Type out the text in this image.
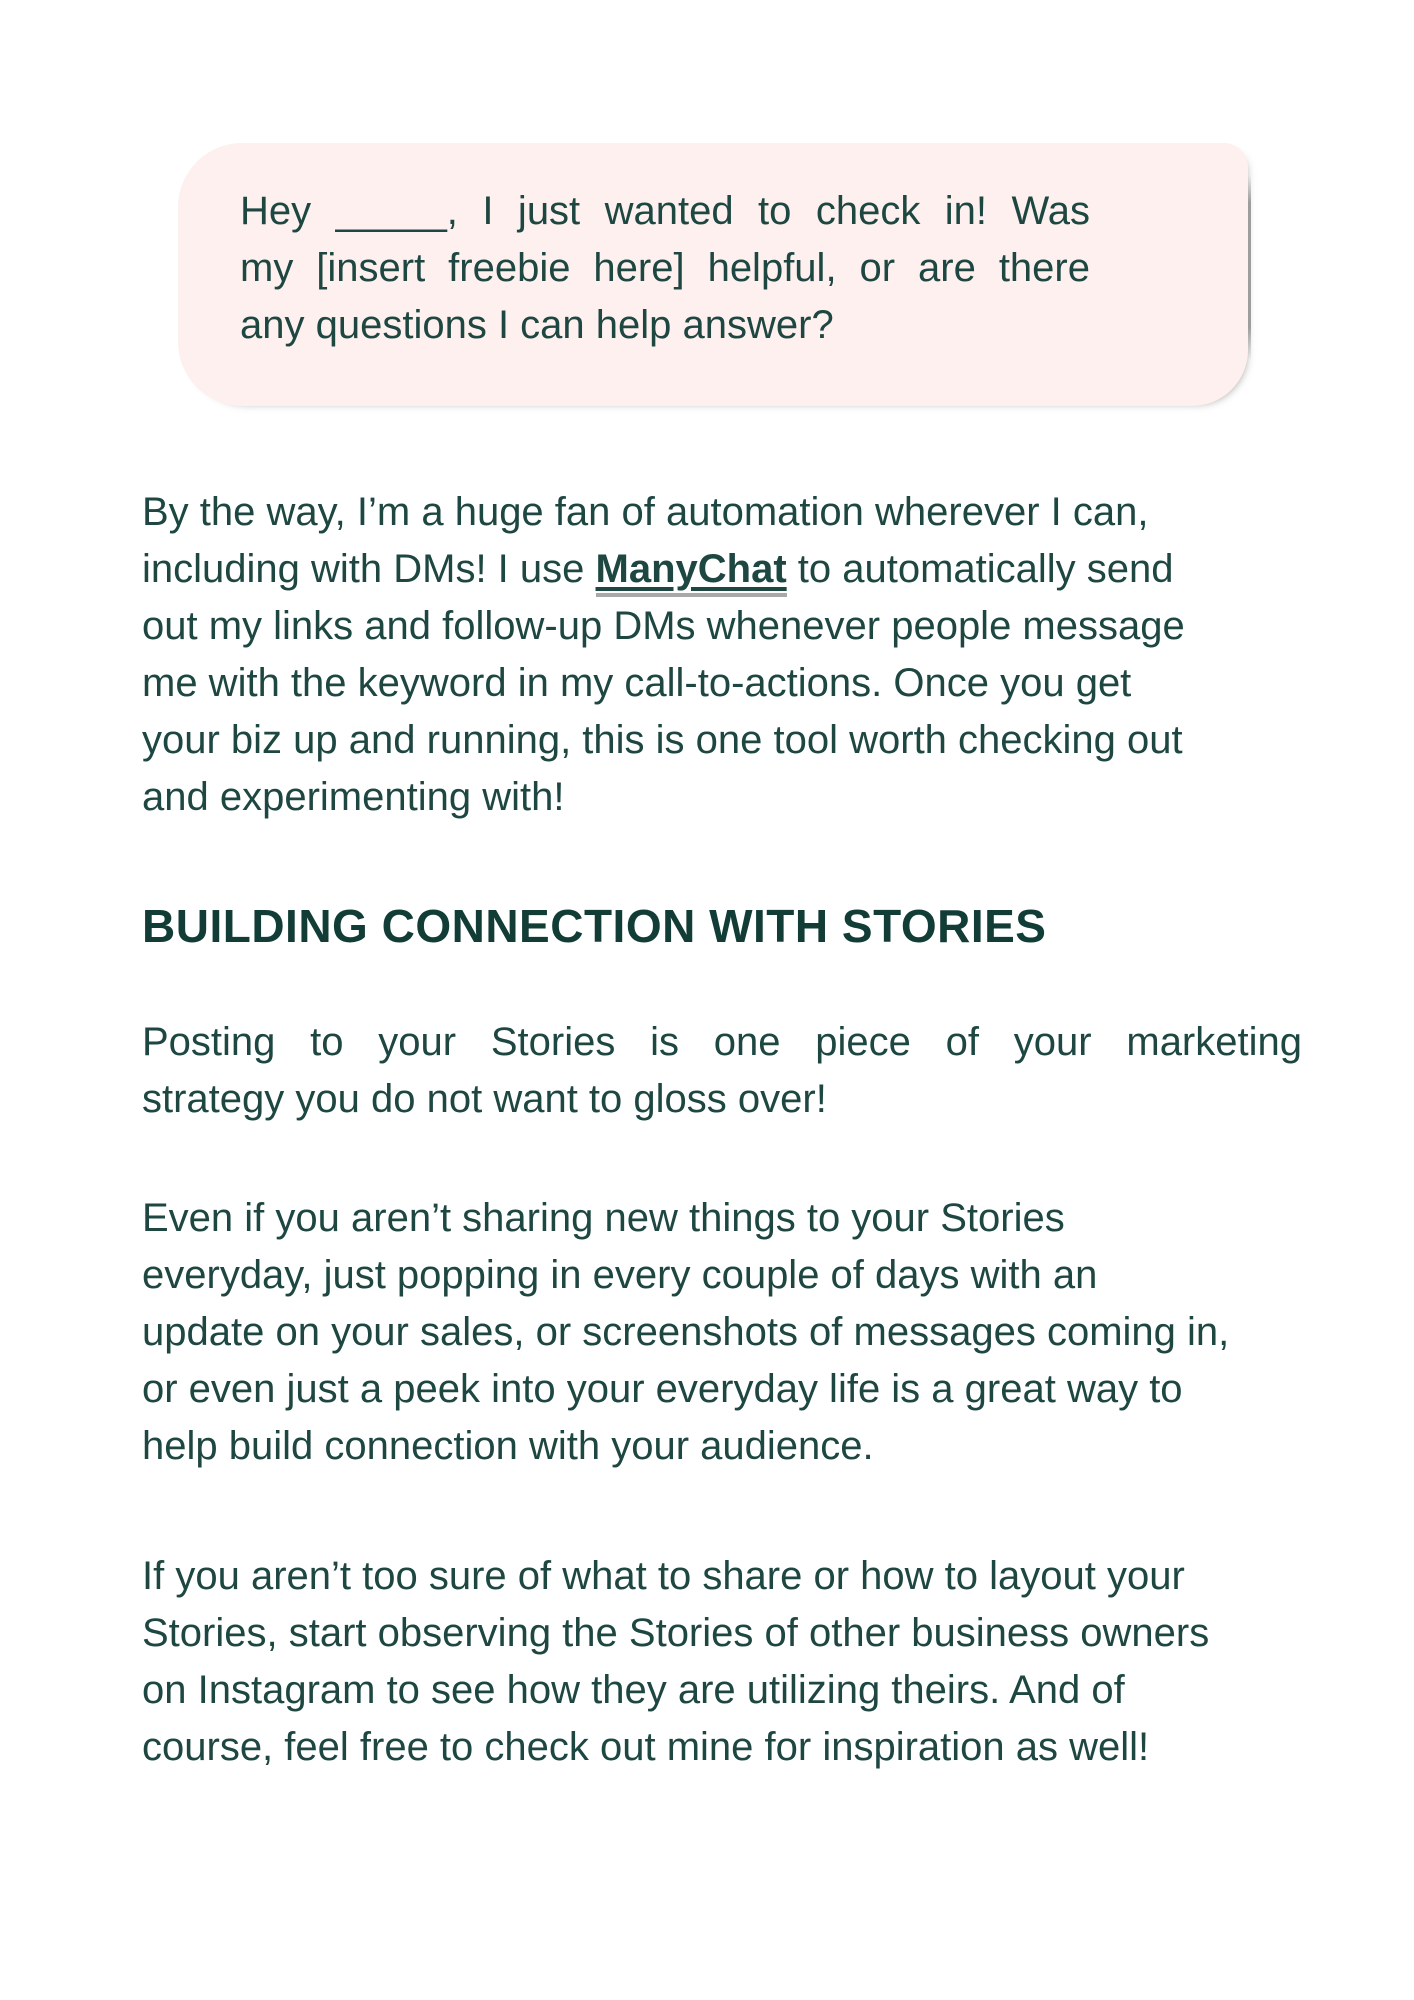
Hey _____, I just wanted to check in! Was
my [insert freebie here] helpful, or are there
any questions I can help answer?
By the way, I’m a huge fan of automation wherever I can,
including with DMs! I use ManyChat to automatically send
out my links and follow-up DMs whenever people message
me with the keyword in my call-to-actions. Once you get
your biz up and running, this is one tool worth checking out
and experimenting with!
BUILDING CONNECTION WITH STORIES
Posting to your Stories is one piece of your marketing
strategy you do not want to gloss over!
Even if you aren’t sharing new things to your Stories
everyday, just popping in every couple of days with an
update on your sales, or screenshots of messages coming in,
or even just a peek into your everyday life is a great way to
help build connection with your audience.
If you aren’t too sure of what to share or how to layout your
Stories, start observing the Stories of other business owners
on Instagram to see how they are utilizing theirs. And of
course, feel free to check out mine for inspiration as well!
